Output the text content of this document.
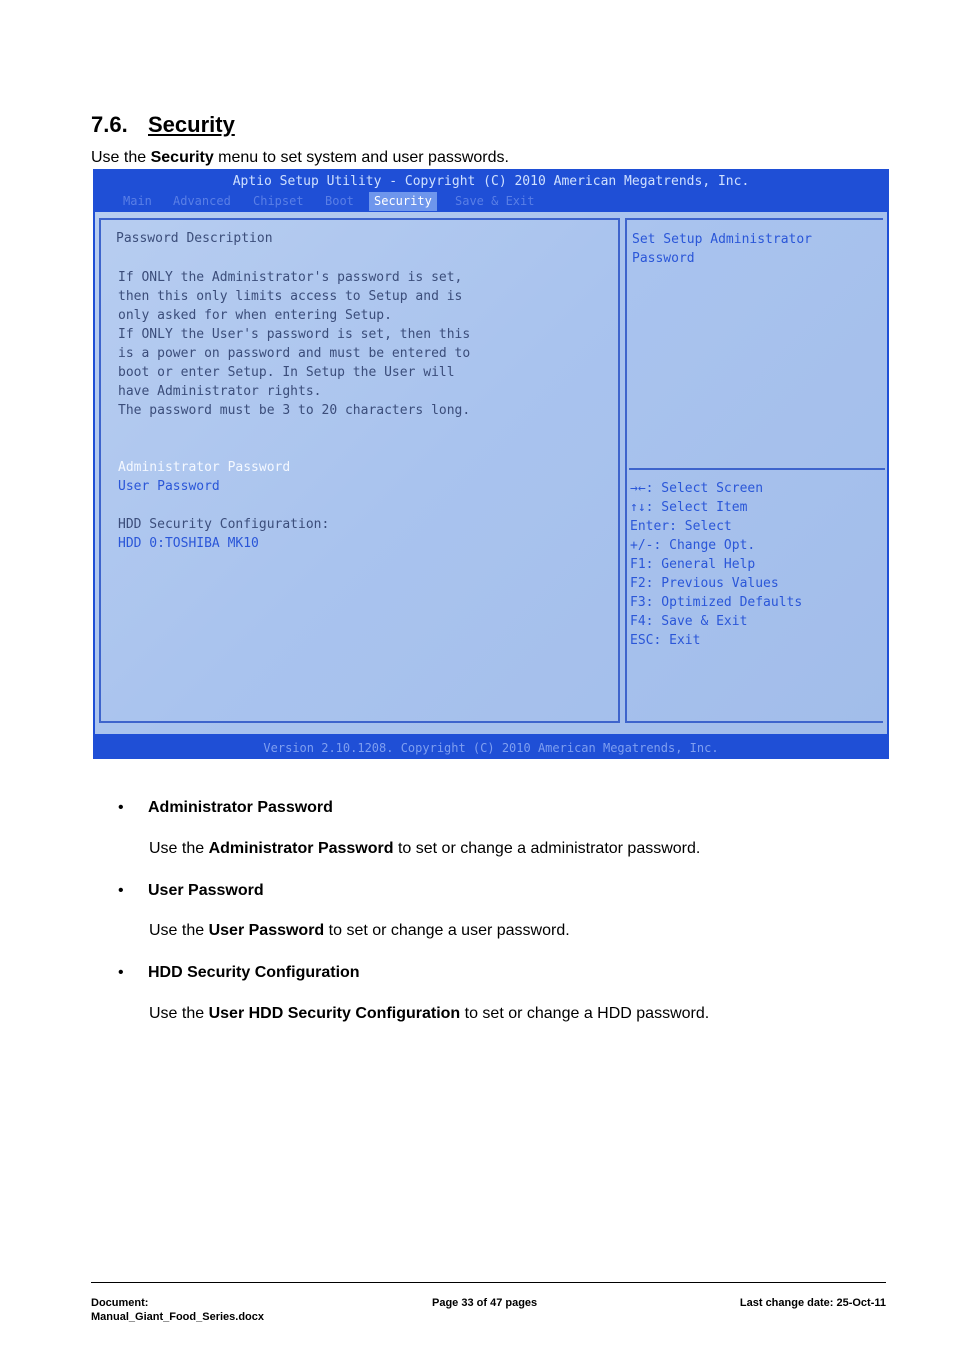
7.6. Security
Use the Security menu to set system and user passwords.
Aptio Setup Utility - Copyright (C) 2010 American Megatrends, Inc.
Main Advanced Chipset Boot	Security	Save & Exit
Password Description
If ONLY the Administrator's password is set,
then this only limits access to Setup and is
only asked for when entering Setup.
If ONLY the User's password is set, then this
is a power on password and must be entered to
boot or enter Setup. In Setup the User will
have Administrator rights.
The password must be 3 to 20 characters long.
Administrator Password
User Password
HDD Security Configuration:
HDD 0:TOSHIBA MK10
Set Setup Administrator
Password
→←: Select Screen
↑↓: Select Item
Enter: Select
+/-: Change Opt.
F1: General Help
F2: Previous Values
F3: Optimized Defaults
F4: Save & Exit
ESC: Exit
Version 2.10.1208. Copyright (C) 2010 American Megatrends, Inc.
• Administrator Password
Use the Administrator Password to set or change a administrator password.
• User Password
Use the User Password to set or change a user password.
• HDD Security Configuration
Use the User HDD Security Configuration to set or change a HDD password.
Document:
Manual_Giant_Food_Series.docx
Page 33 of 47 pages	Last change date: 25-Oct-11
